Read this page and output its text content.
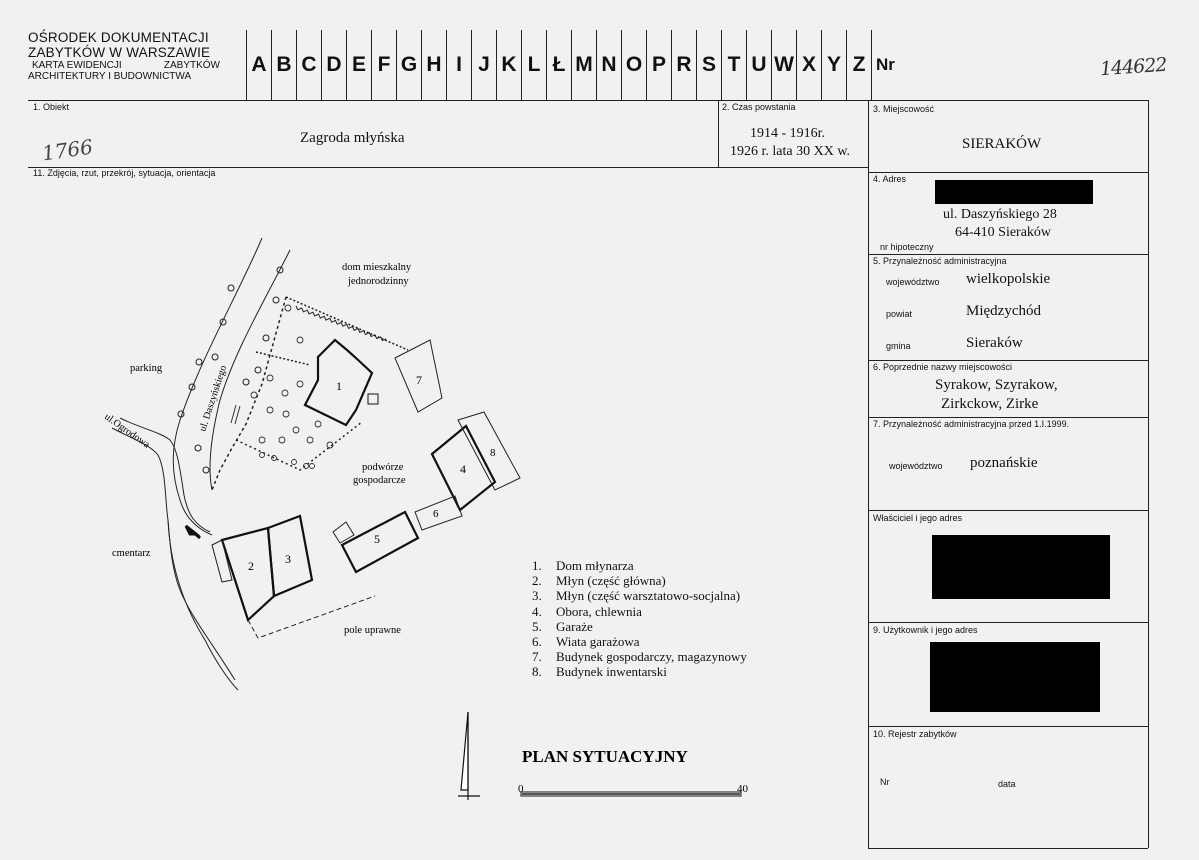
OŚRODEK DOKUMENTACJI
ZABYTKÓW W WARSZAWIE
KARTA EWIDENCJI	ZABYTKÓW
ARCHITEKTURY I BUDOWNICTWA
A B C D E F G H I J K L Ł M N O P R S T U W X Y Z Nr	144622
1. Obiekt
Zagroda młyńska
1766
2. Czas powstania
1914 - 1916r.
1926 r. lata 30 XX w.
3. Miejscowość
SIERAKÓW
11. Zdjęcia, rzut, przekrój, sytuacja, orientacja
4. Adres
ul. Daszyńskiego 28
64-410 Sieraków
nr hipoteczny
5. Przynależność administracyjna
województwo wielkopolskie
powiat	Międzychód
gmina	Sieraków
6. Poprzednie nazwy miejscowości
Syrakow, Szyrakow,
Zirkckow, Zirke
7. Przynależność administracyjna przed 1.I.1999.
województwo poznańskie
Właściciel i jego adres
9. Użytkownik i jego adres
10. Rejestr zabytków
Nr	data
1
2	3
4
5
6
7
8
dom mieszkalny
jednorodzinny
parking
podwórze
gospodarcze
cmentarz
pole uprawne
ul.Ogrodowa	ul. Daszyńskiego
PLAN SYTUACYJNY
0	40
1. Dom młynarza
2. Młyn (część główna)
3. Młyn (część warsztatowo-socjalna)
4. Obora, chlewnia
5. Garaże
6. Wiata garażowa
7. Budynek gospodarczy, magazynowy
8. Budynek inwentarski
